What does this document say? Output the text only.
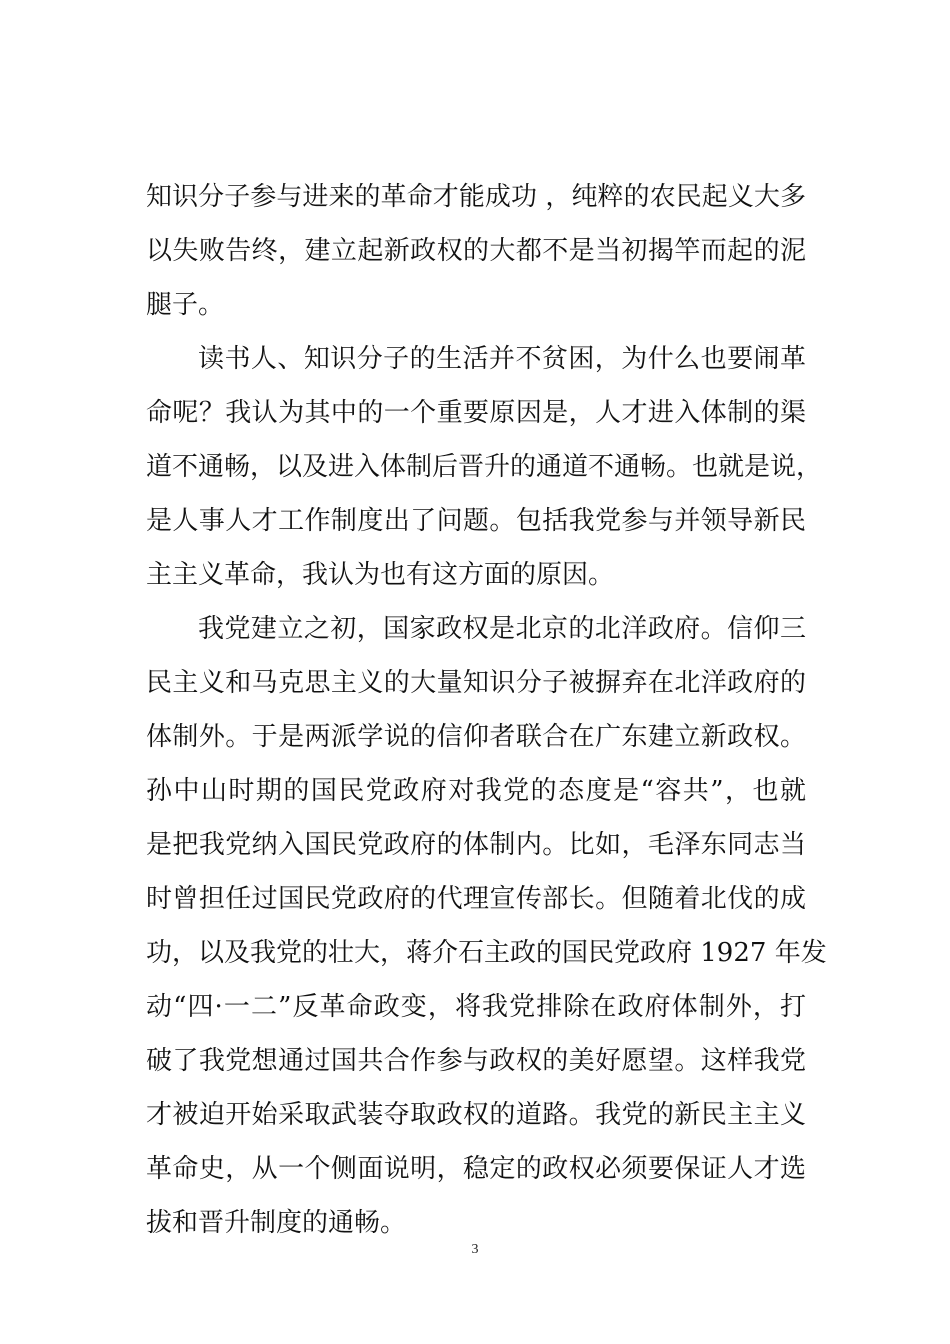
知识分子参与进来的革命才能成功 ，纯粹的农民起义大多
以失败告终，建立起新政权的大都不是当初揭竿而起的泥
腿子。
读书人、知识分子的生活并不贫困，为什么也要闹革
命呢？我认为其中的一个重要原因是，人才进入体制的渠
道不通畅，以及进入体制后晋升的通道不通畅。也就是说，
是人事人才工作制度出了问题。包括我党参与并领导新民
主主义革命，我认为也有这方面的原因。
我党建立之初，国家政权是北京的北洋政府。信仰三
民主义和马克思主义的大量知识分子被摒弃在北洋政府的
体制外。于是两派学说的信仰者联合在广东建立新政权。
孙中山时期的国民党政府对我党的态度是“容共”，也就
是把我党纳入国民党政府的体制内。比如，毛泽东同志当
时曾担任过国民党政府的代理宣传部长。但随着北伐的成
功，以及我党的壮大，蒋介石主政的国民党政府 1927 年发
动“四·一二”反革命政变，将我党排除在政府体制外，打
破了我党想通过国共合作参与政权的美好愿望。这样我党
才被迫开始采取武装夺取政权的道路。我党的新民主主义
革命史，从一个侧面说明，稳定的政权必须要保证人才选
拔和晋升制度的通畅。
3
